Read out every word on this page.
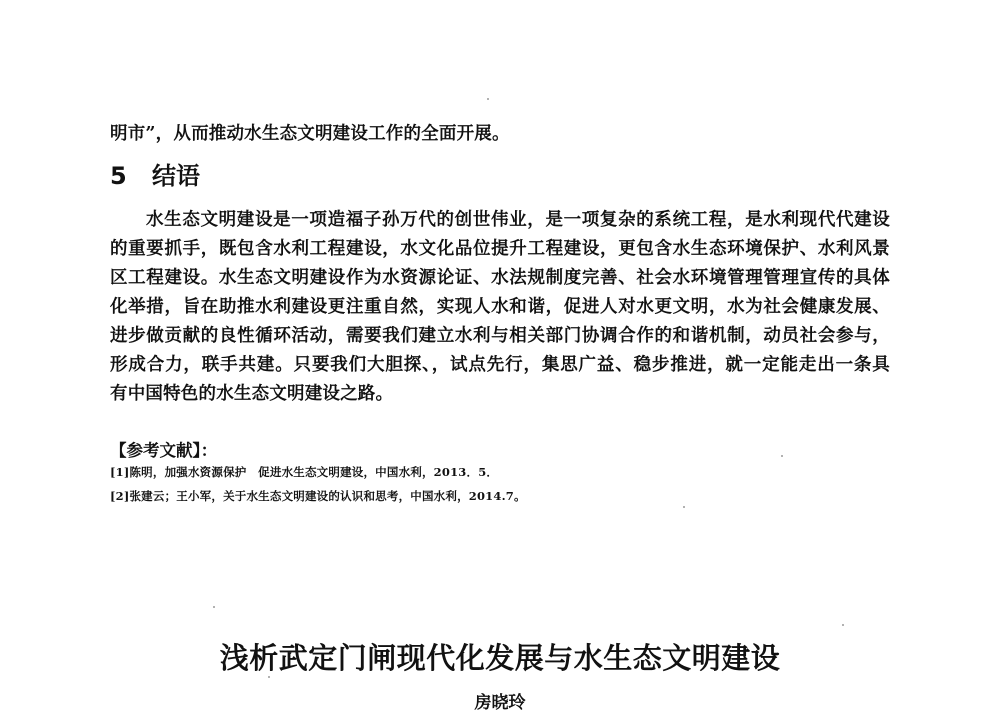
明市”，从而推动水生态文明建设工作的全面开展。

5 结语

水生态文明建设是一项造福子孙万代的创世伟业，是一项复杂的系统工程，是水利现代代建设

的重要抓手，既包含水利工程建设，水文化品位提升工程建设，更包含水生态环境保护、水利风景

区工程建设。水生态文明建设作为水资源论证、水法规制度完善、社会水环境管理管理宣传的具体

化举措，旨在助推水利建设更注重自然，实现人水和谐，促进人对水更文明，水为社会健康发展、

进步做贡献的良性循环活动，需要我们建立水利与相关部门协调合作的和谐机制，动员社会参与，

形成合力，联手共建。只要我们大胆探、，试点先行，集思广益、稳步推进，就一定能走出一条具

有中国特色的水生态文明建设之路。

【参考文献】：

[1]陈明，加强水资源保护　促进水生态文明建设，中国水利，2013．5．

[2]张建云；王小军，关于水生态文明建设的认识和思考，中国水利，2014.7。

浅析武定门闸现代化发展与水生态文明建设

房晓玲
